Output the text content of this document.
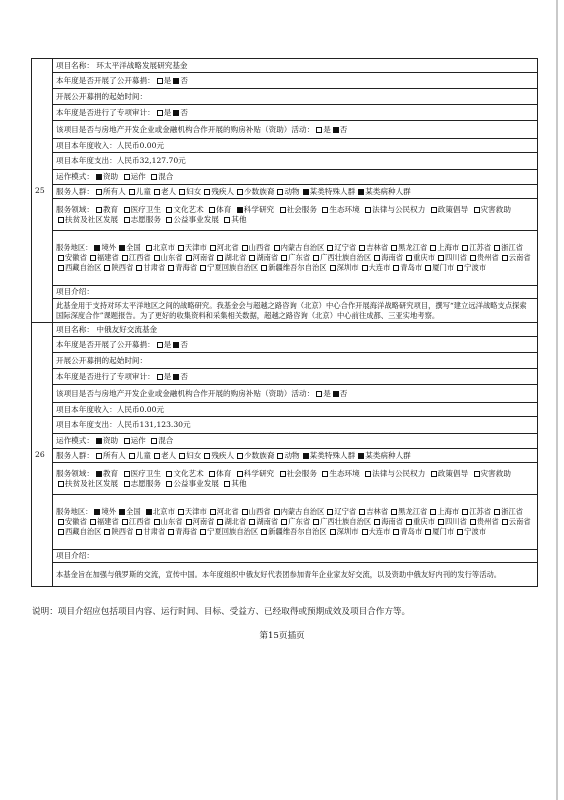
25	项目名称： 环太平洋战略发展研究基金
	本年度是否开展了公开募捐： 是 否
	开展公开募捐的起始时间：
	本年度是否进行了专项审计： 是 否
	该项目是否与房地产开发企业或金融机构合作开展的购房补贴（资助）活动： 是 否
	项目本年度收入：人民币0.00元
	项目本年度支出：人民币32,127.70元
	运作模式： 资助 运作 混合
	服务人群： 所有人 儿童 老人 妇女 残疾人 少数族裔 动物 某类特殊人群 某类病种人群
	服务领域： 教育 医疗卫生 文化艺术 体育 科学研究 社会服务 生态环境 法律与公民权力 政策倡导 灾害救助 扶贫及社区发展 志愿服务 公益事业发展 其他
	服务地区： 境外 全国 北京市 天津市 河北省 山西省 内蒙古自治区 辽宁省 吉林省 黑龙江省 上海市 江苏省 浙江省安徽省 福建省 江西省 山东省 河南省 湖北省 湖南省 广东省 广西壮族自治区 海南省 重庆市 四川省 贵州省 云南省西藏自治区 陕西省 甘肃省 青海省 宁夏回族自治区 新疆维吾尔自治区 深圳市 大连市 青岛市 厦门市 宁波市
	项目介绍：
	此基金用于支持对环太平洋地区之间的战略研究。我基金会与超越之路咨询（北京）中心合作开展海洋战略研究项目，撰写“建立远洋战略支点探索国际深度合作”课题报告。为了更好的收集资料和采集相关数据，超越之路咨询（北京）中心前往成都、三亚实地考察。
26	项目名称： 中俄友好交流基金
	本年度是否开展了公开募捐： 是 否
	开展公开募捐的起始时间：
	本年度是否进行了专项审计： 是 否
	该项目是否与房地产开发企业或金融机构合作开展的购房补贴（资助）活动： 是 否
	项目本年度收入：人民币0.00元
	项目本年度支出：人民币131,123.30元
	运作模式： 资助 运作 混合
	服务人群： 所有人 儿童 老人 妇女 残疾人 少数族裔 动物 某类特殊人群 某类病种人群
	服务领域： 教育 医疗卫生 文化艺术 体育 科学研究 社会服务 生态环境 法律与公民权力 政策倡导 灾害救助 扶贫及社区发展 志愿服务 公益事业发展 其他
	服务地区： 境外 全国 北京市 天津市 河北省 山西省 内蒙古自治区 辽宁省 吉林省 黑龙江省 上海市 江苏省 浙江省安徽省 福建省 江西省 山东省 河南省 湖北省 湖南省 广东省 广西壮族自治区 海南省 重庆市 四川省 贵州省 云南省西藏自治区 陕西省 甘肃省 青海省 宁夏回族自治区 新疆维吾尔自治区 深圳市 大连市 青岛市 厦门市 宁波市
	项目介绍：
	本基金旨在加强与俄罗斯的交流，宣传中国。本年度组织中俄友好代表团参加青年企业家友好交流，以及资助中俄友好内刊的发行等活动。
说明：项目介绍应包括项目内容、运行时间、目标、受益方、已经取得或预期成效及项目合作方等。
第15页插页
